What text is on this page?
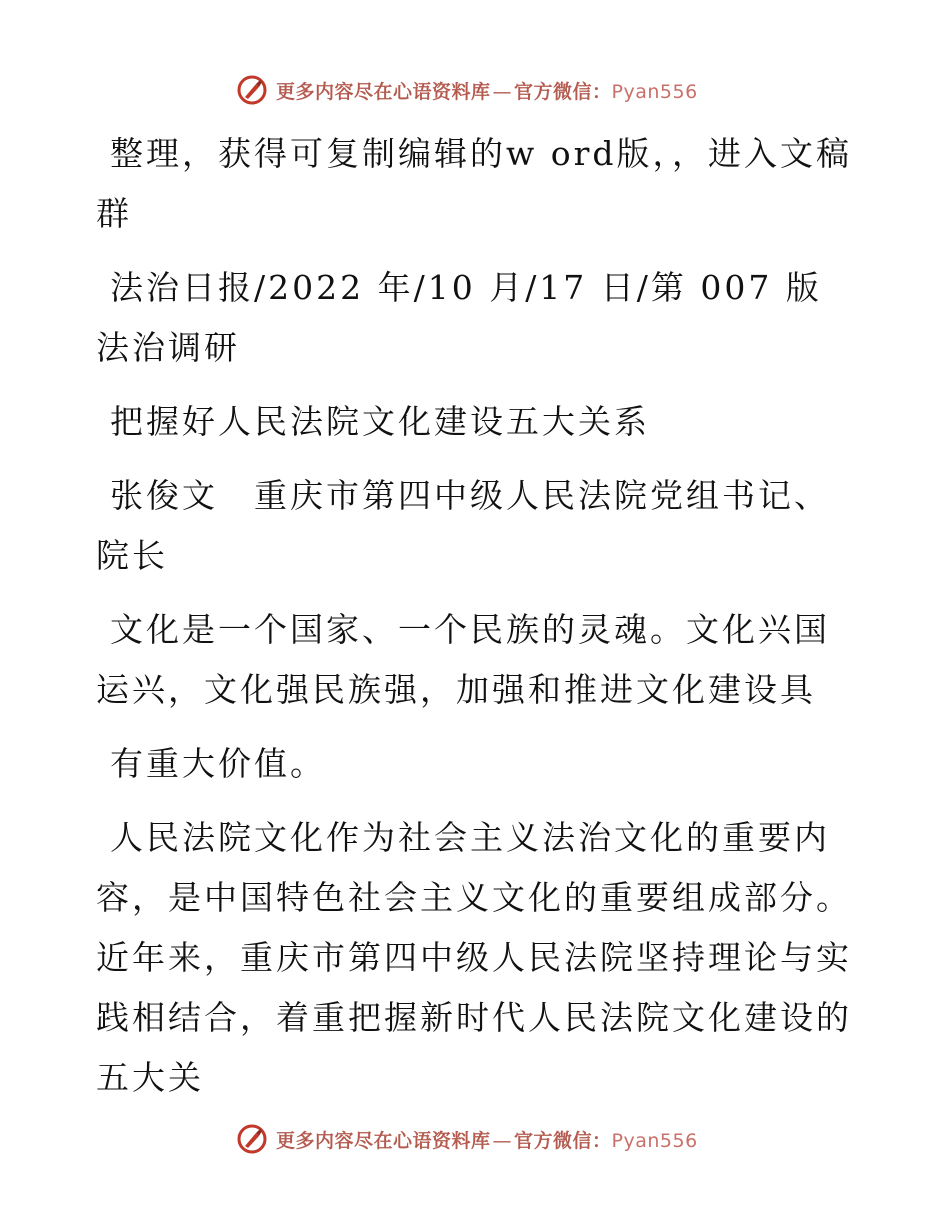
更多内容尽在心语资料库 — 官方微信：Pyan556

整理，获得可复制编辑的w ord版，，进入文稿群

法治日报/2022 年/10 月/17 日/第 007 版法治调研

把握好人民法院文化建设五大关系

张俊文　重庆市第四中级人民法院党组书记、院长

文化是一个国家、一个民族的灵魂。文化兴国运兴，文化强民族强，加强和推进文化建设具

有重大价值。

人民法院文化作为社会主义法治文化的重要内容，是中国特色社会主义文化的重要组成部分。近年来，重庆市第四中级人民法院坚持理论与实践相结合，着重把握新时代人民法院文化建设的五大关

更多内容尽在心语资料库 — 官方微信：Pyan556
